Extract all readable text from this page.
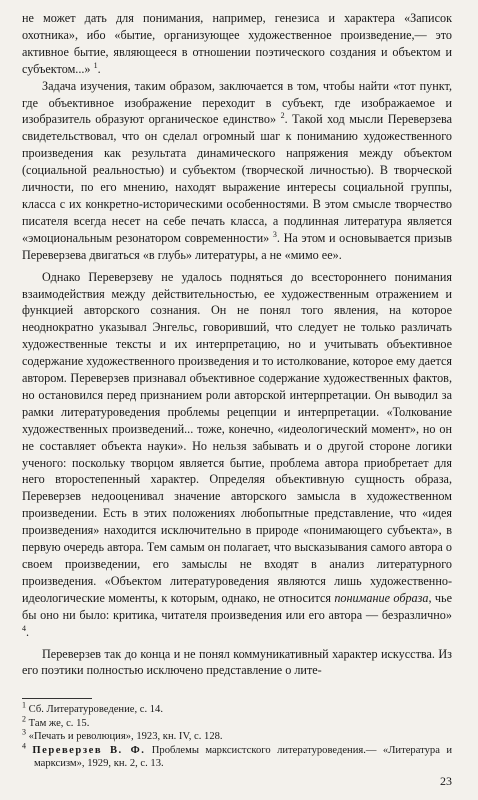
не может дать для понимания, например, генезиса и характера «Записок охотника», ибо «бытие, организующее художественное произведение,— это активное бытие, являющееся в отношении поэтического создания и объектом и субъектом...» $^1$.

Задача изучения, таким образом, заключается в том, чтобы найти «тот пункт, где объективное изображение переходит в субъект, где изображаемое и изобразитель образуют органическое единство» $^2$. Такой ход мысли Переверзева свидетельствовал, что он сделал огромный шаг к пониманию художественного произведения как результата динамического напряжения между объектом (социальной реальностью) и субъектом (творческой личностью). В творческой личности, по его мнению, находят выражение интересы социальной группы, класса с их конкретно-историческими особенностями. В этом смысле творчество писателя всегда несет на себе печать класса, а подлинная литература является «эмоциональным резонатором современности» $^3$. На этом и основывается призыв Переверзева двигаться «в глубь» литературы, а не «мимо ее».

Однако Переверзеву не удалось подняться до всестороннего понимания взаимодействия между действительностью, ее художественным отражением и функцией авторского сознания. Он не понял того явления, на которое неоднократно указывал Энгельс, говоривший, что следует не только различать художественные тексты и их интерпретацию, но и учитывать объективное содержание художественного произведения и то истолкование, которое ему дается автором. Переверзев признавал объективное содержание художественных фактов, но остановился перед признанием роли авторской интерпретации. Он выводил за рамки литературоведения проблемы рецепции и интерпретации. «Толкование художественных произведений... тоже, конечно, «идеологический момент», но он не составляет объекта науки». Но нельзя забывать и о другой стороне логики ученого: поскольку творцом является бытие, проблема автора приобретает для него второстепенный характер. Определяя объективную сущность образа, Переверзев недооценивал значение авторского замысла в художественном произведении. Есть в этих положениях любопытные представление, что «идея произведения» находится исключительно в природе «понимающего субъекта», в первую очередь автора. Тем самым он полагает, что высказывания самого автора о своем произведении, его замыслы не входят в анализ литературного произведения. «Объектом литературоведения являются лишь художественно-идеологические моменты, к которым, однако, не относится понимание образа, чье бы оно ни было: критика, читателя произведения или его автора — безразлично» $^4$.

Переверзев так до конца и не понял коммуникативный характер искусства. Из его поэтики полностью исключено представление о лите-

$^1$ Сб. Литературоведение, с. 14.

$^2$ Там же, с. 15.

$^3$ «Печать и революция», 1923, кн. IV, с. 128.

$^4$ Переверзев В. Ф. Проблемы марксистского литературоведения.— «Литература и марксизм», 1929, кн. 2, с. 13.

23
